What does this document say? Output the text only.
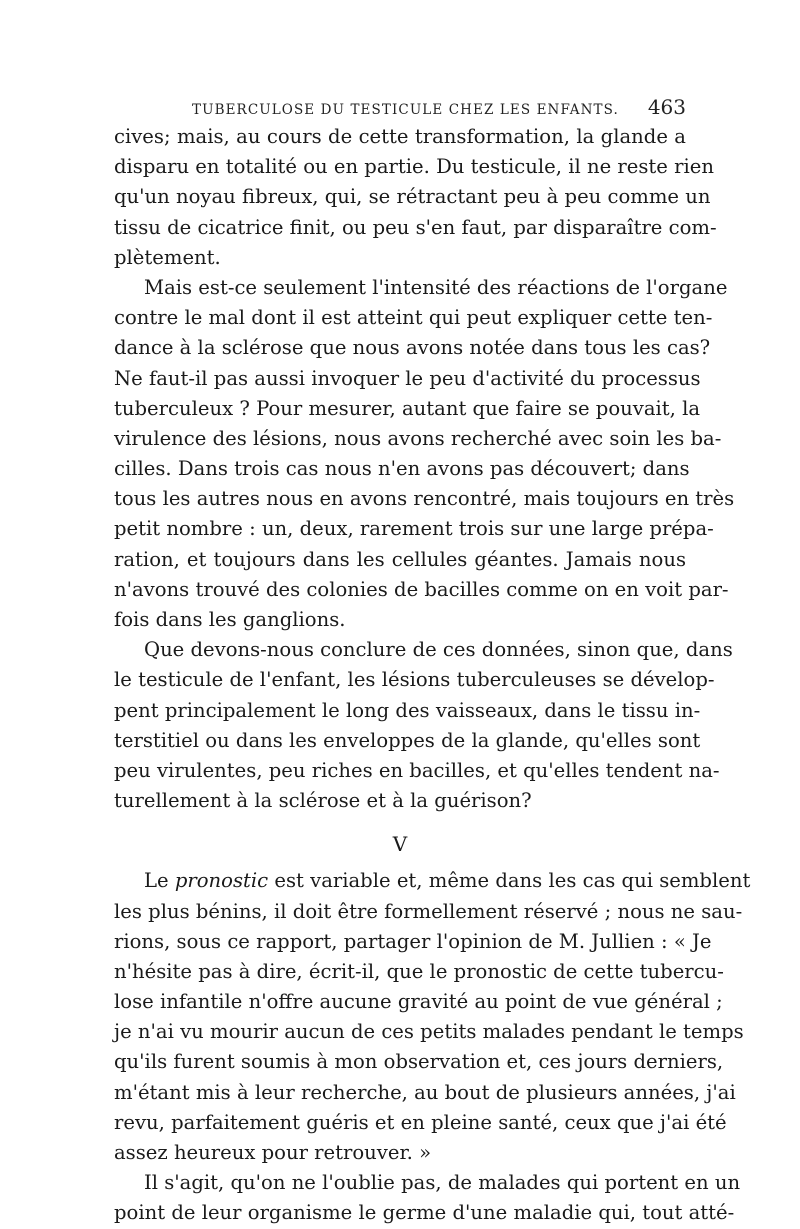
TUBERCULOSE DU TESTICULE CHEZ LES ENFANTS. 463
cives; mais, au cours de cette transformation, la glande a
disparu en totalité ou en partie. Du testicule, il ne reste rien
qu'un noyau fibreux, qui, se rétractant peu à peu comme un
tissu de cicatrice finit, ou peu s'en faut, par disparaître com-
plètement.
Mais est-ce seulement l'intensité des réactions de l'organe
contre le mal dont il est atteint qui peut expliquer cette ten-
dance à la sclérose que nous avons notée dans tous les cas?
Ne faut-il pas aussi invoquer le peu d'activité du processus
tuberculeux ? Pour mesurer, autant que faire se pouvait, la
virulence des lésions, nous avons recherché avec soin les ba-
cilles. Dans trois cas nous n'en avons pas découvert; dans
tous les autres nous en avons rencontré, mais toujours en très
petit nombre : un, deux, rarement trois sur une large prépa-
ration, et toujours dans les cellules géantes. Jamais nous
n'avons trouvé des colonies de bacilles comme on en voit par-
fois dans les ganglions.
Que devons-nous conclure de ces données, sinon que, dans
le testicule de l'enfant, les lésions tuberculeuses se dévelop-
pent principalement le long des vaisseaux, dans le tissu in-
terstitiel ou dans les enveloppes de la glande, qu'elles sont
peu virulentes, peu riches en bacilles, et qu'elles tendent na-
turellement à la sclérose et à la guérison?
V
Le pronostic est variable et, même dans les cas qui semblent
les plus bénins, il doit être formellement réservé ; nous ne sau-
rions, sous ce rapport, partager l'opinion de M. Jullien : « Je
n'hésite pas à dire, écrit-il, que le pronostic de cette tubercu-
lose infantile n'offre aucune gravité au point de vue général ;
je n'ai vu mourir aucun de ces petits malades pendant le temps
qu'ils furent soumis à mon observation et, ces jours derniers,
m'étant mis à leur recherche, au bout de plusieurs années, j'ai
revu, parfaitement guéris et en pleine santé, ceux que j'ai été
assez heureux pour retrouver. »
Il s'agit, qu'on ne l'oublie pas, de malades qui portent en un
point de leur organisme le germe d'une maladie qui, tout atté-
